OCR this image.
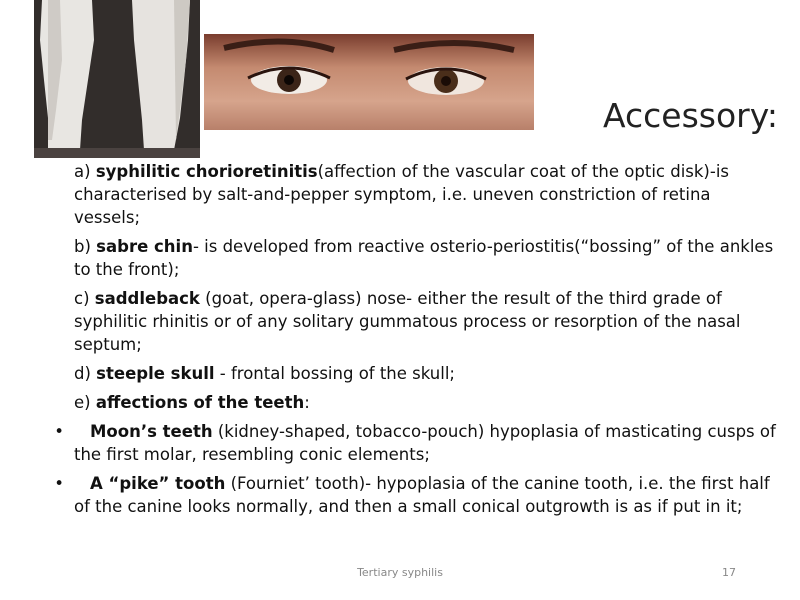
Accessory:

a) syphilitic chorioretinitis(affection of the vascular coat of the optic disk)-is characterised by salt-and-pepper symptom, i.e. uneven constriction of retina vessels;

b) sabre chin- is developed from reactive osterio-periostitis(“bossing” of the ankles to the front);

c) saddleback (goat, opera-glass) nose- either the result of the third grade of syphilitic rhinitis or of any solitary gummatous process or resorption of the nasal septum;

d) steeple skull - frontal bossing of the skull;

e) affections of the teeth:

• Moon’s teeth (kidney-shaped, tobacco-pouch) hypoplasia of masticating cusps of the first molar, resembling conic elements;
• A “pike” tooth (Fourniet’ tooth)- hypoplasia of the canine tooth, i.e. the first half of the canine looks normally, and then a small conical outgrowth is as if put in it;
Tertiary syphilis	17
